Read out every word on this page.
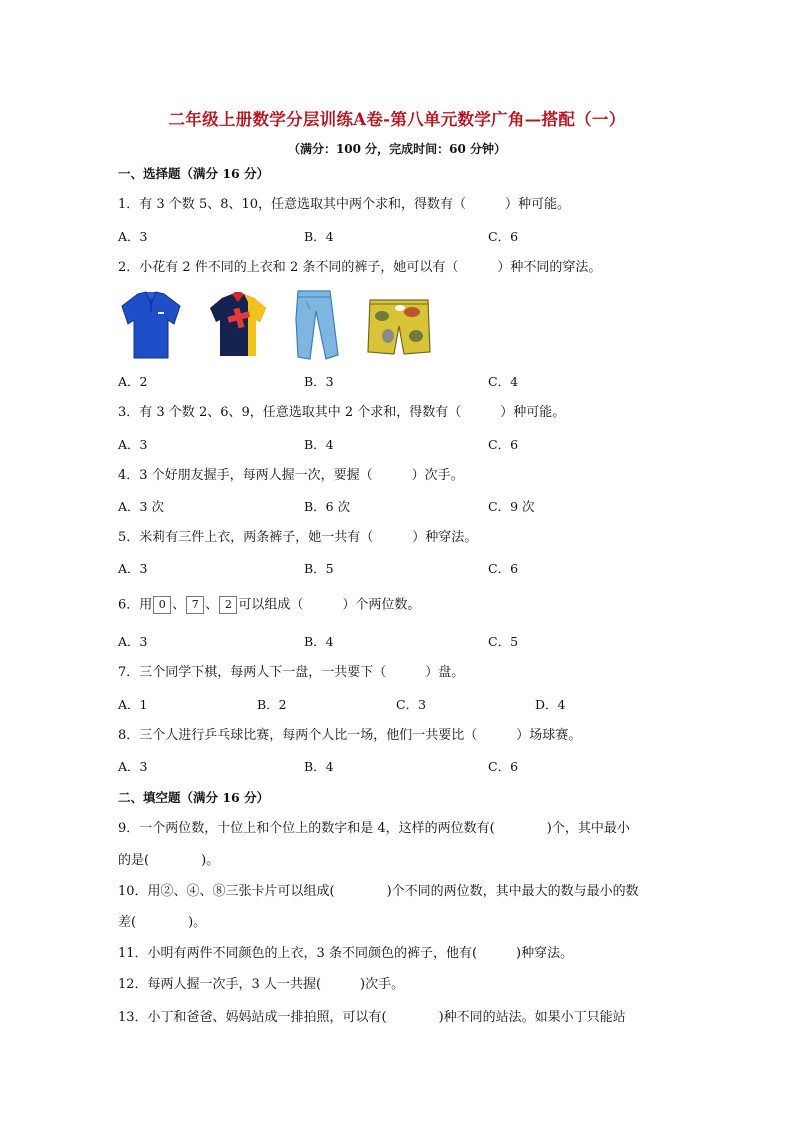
二年级上册数学分层训练A卷-第八单元数学广角—搭配（一）
（满分：100 分，完成时间：60 分钟）
一、选择题（满分 16 分）
1．有 3 个数 5、8、10，任意选取其中两个求和，得数有（　　　）种可能。
A．3	B．4	C．6
2．小花有 2 件不同的上衣和 2 条不同的裤子，她可以有（　　　）种不同的穿法。
A．2	B．3	C．4
3．有 3 个数 2、6、9，任意选取其中 2 个求和，得数有（　　　）种可能。
A．3	B．4	C．6
4．3 个好朋友握手，每两人握一次，要握（　　　）次手。
A．3 次	B．6 次	C．9 次
5．米莉有三件上衣，两条裤子，她一共有（　　　）种穿法。
A．3	B．5	C．6
6．用 0 、 7 、 2 可以组成（　　　）个两位数。
A．3	B．4	C．5
7．三个同学下棋，每两人下一盘，一共要下（　　　）盘。
A．1	B．2	C．3	D．4
8．三个人进行乒乓球比赛，每两个人比一场，他们一共要比（　　　）场球赛。
A．3	B．4	C．6
二、填空题（满分 16 分）
9．一个两位数，十位上和个位上的数字和是 4，这样的两位数有(　　　　)个，其中最小
的是(　　　　)。
10．用②、④、⑧三张卡片可以组成(　　　　)个不同的两位数，其中最大的数与最小的数
差(　　　　)。
11．小明有两件不同颜色的上衣，3 条不同颜色的裤子，他有(　　　)种穿法。
12．每两人握一次手，3 人一共握(　　　)次手。
13．小丁和爸爸、妈妈站成一排拍照，可以有(　　　　)种不同的站法。如果小丁只能站
